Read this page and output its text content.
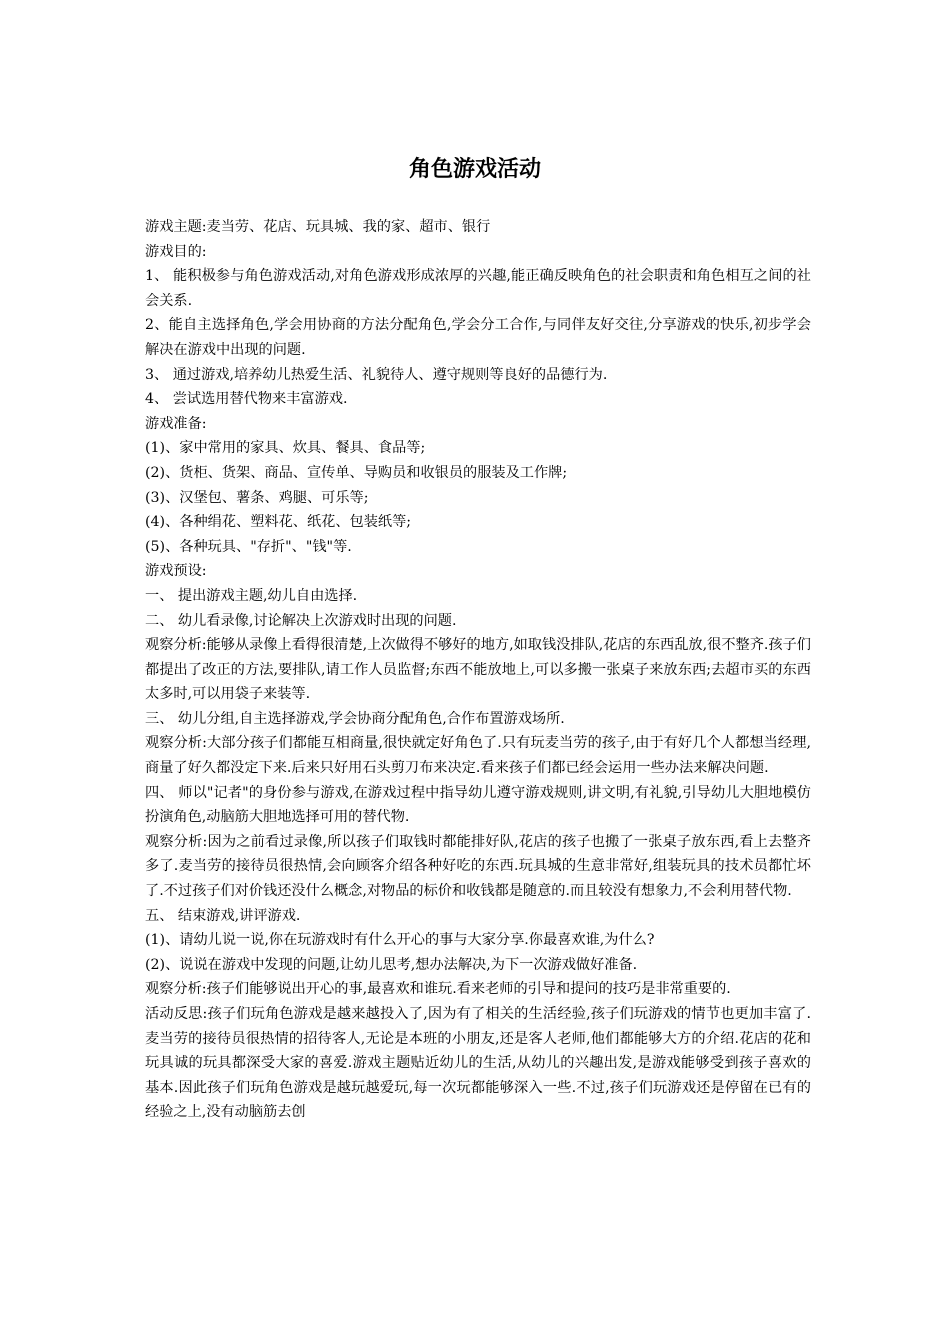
角色游戏活动

游戏主题:麦当劳、花店、玩具城、我的家、超市、银行

游戏目的:

1、 能积极参与角色游戏活动,对角色游戏形成浓厚的兴趣,能正确反映角色的社会职责和角色相互之间的社会关系.

2、能自主选择角色,学会用协商的方法分配角色,学会分工合作,与同伴友好交往,分享游戏的快乐,初步学会解决在游戏中出现的问题.

3、 通过游戏,培养幼儿热爱生活、礼貌待人、遵守规则等良好的品德行为.

4、 尝试选用替代物来丰富游戏.

游戏准备:

(1)、家中常用的家具、炊具、餐具、食品等;

(2)、货柜、货架、商品、宣传单、导购员和收银员的服装及工作牌;

(3)、汉堡包、薯条、鸡腿、可乐等;

(4)、各种绢花、塑料花、纸花、包装纸等;

(5)、各种玩具、"存折"、"钱"等.

游戏预设:

一、 提出游戏主题,幼儿自由选择.

二、 幼儿看录像,讨论解决上次游戏时出现的问题.

观察分析:能够从录像上看得很清楚,上次做得不够好的地方,如取钱没排队,花店的东西乱放,很不整齐.孩子们都提出了改正的方法,要排队,请工作人员监督;东西不能放地上,可以多搬一张桌子来放东西;去超市买的东西太多时,可以用袋子来装等.

三、 幼儿分组,自主选择游戏,学会协商分配角色,合作布置游戏场所.

观察分析:大部分孩子们都能互相商量,很快就定好角色了.只有玩麦当劳的孩子,由于有好几个人都想当经理,商量了好久都没定下来.后来只好用石头剪刀布来决定.看来孩子们都已经会运用一些办法来解决问题.

四、 师以"记者"的身份参与游戏,在游戏过程中指导幼儿遵守游戏规则,讲文明,有礼貌,引导幼儿大胆地模仿扮演角色,动脑筋大胆地选择可用的替代物.

观察分析:因为之前看过录像,所以孩子们取钱时都能排好队,花店的孩子也搬了一张桌子放东西,看上去整齐多了.麦当劳的接待员很热情,会向顾客介绍各种好吃的东西.玩具城的生意非常好,组装玩具的技术员都忙坏了.不过孩子们对价钱还没什么概念,对物品的标价和收钱都是随意的.而且较没有想象力,不会利用替代物.

五、 结束游戏,讲评游戏.

(1)、请幼儿说一说,你在玩游戏时有什么开心的事与大家分享.你最喜欢谁,为什么?

(2)、说说在游戏中发现的问题,让幼儿思考,想办法解决,为下一次游戏做好准备.

观察分析:孩子们能够说出开心的事,最喜欢和谁玩.看来老师的引导和提问的技巧是非常重要的.

活动反思:孩子们玩角色游戏是越来越投入了,因为有了相关的生活经验,孩子们玩游戏的情节也更加丰富了.麦当劳的接待员很热情的招待客人,无论是本班的小朋友,还是客人老师,他们都能够大方的介绍.花店的花和玩具诚的玩具都深受大家的喜爱.游戏主题贴近幼儿的生活,从幼儿的兴趣出发,是游戏能够受到孩子喜欢的基本.因此孩子们玩角色游戏是越玩越爱玩,每一次玩都能够深入一些.不过,孩子们玩游戏还是停留在已有的经验之上,没有动脑筋去创
